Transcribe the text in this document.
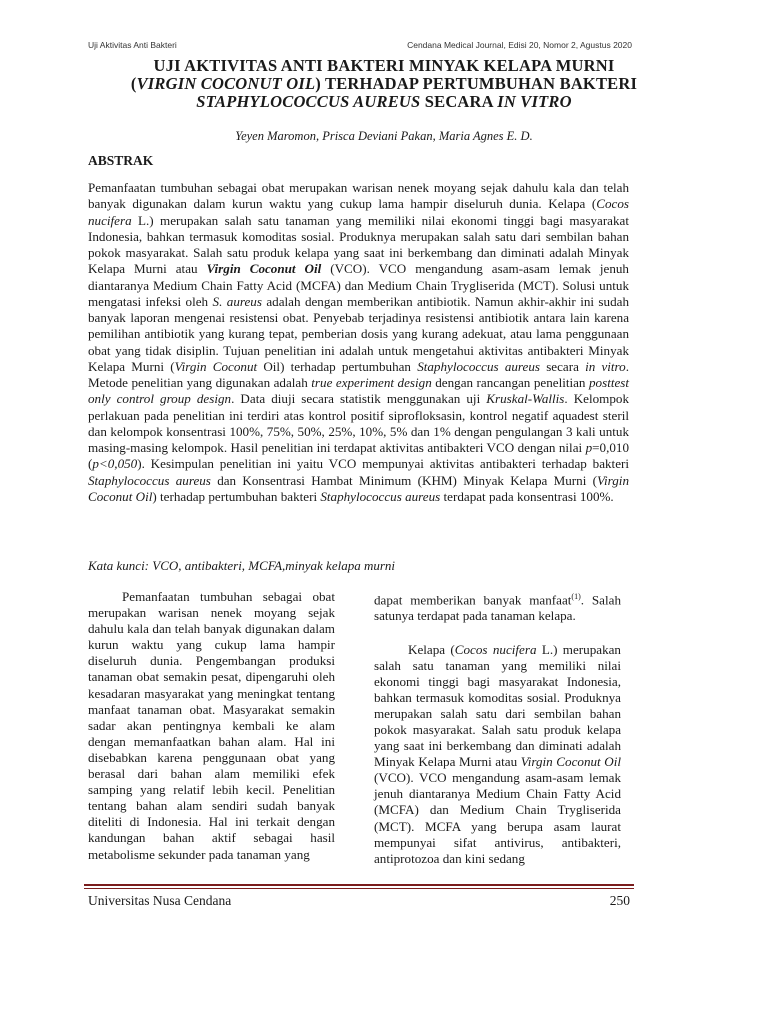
Uji Aktivitas Anti Bakteri	Cendana Medical Journal, Edisi 20, Nomor 2, Agustus 2020
UJI AKTIVITAS ANTI BAKTERI MINYAK KELAPA MURNI
(VIRGIN COCONUT OIL) TERHADAP PERTUMBUHAN BAKTERI
STAPHYLOCOCCUS AUREUS SECARA IN VITRO
Yeyen Maromon, Prisca Deviani Pakan, Maria Agnes E. D.
ABSTRAK
Pemanfaatan tumbuhan sebagai obat merupakan warisan nenek moyang sejak dahulu kala dan telah banyak digunakan dalam kurun waktu yang cukup lama hampir diseluruh dunia. Kelapa (Cocos nucifera L.) merupakan salah satu tanaman yang memiliki nilai ekonomi tinggi bagi masyarakat Indonesia, bahkan termasuk komoditas sosial. Produknya merupakan salah satu dari sembilan bahan pokok masyarakat. Salah satu produk kelapa yang saat ini berkembang dan diminati adalah Minyak Kelapa Murni atau Virgin Coconut Oil (VCO). VCO mengandung asam-asam lemak jenuh diantaranya Medium Chain Fatty Acid (MCFA) dan Medium Chain Trygliserida (MCT). Solusi untuk mengatasi infeksi oleh S. aureus adalah dengan memberikan antibiotik. Namun akhir-akhir ini sudah banyak laporan mengenai resistensi obat. Penyebab terjadinya resistensi antibiotik antara lain karena pemilihan antibiotik yang kurang tepat, pemberian dosis yang kurang adekuat, atau lama penggunaan obat yang tidak disiplin. Tujuan penelitian ini adalah untuk mengetahui aktivitas antibakteri Minyak Kelapa Murni (Virgin Coconut Oil) terhadap pertumbuhan Staphylococcus aureus secara in vitro. Metode penelitian yang digunakan adalah true experiment design dengan rancangan penelitian posttest only control group design. Data diuji secara statistik menggunakan uji Kruskal-Wallis. Kelompok perlakuan pada penelitian ini terdiri atas kontrol positif siprofloksasin, kontrol negatif aquadest steril dan kelompok konsentrasi 100%, 75%, 50%, 25%, 10%, 5% dan 1% dengan pengulangan 3 kali untuk masing-masing kelompok. Hasil penelitian ini terdapat aktivitas antibakteri VCO dengan nilai p=0,010 (p<0,050). Kesimpulan penelitian ini yaitu VCO mempunyai aktivitas antibakteri terhadap bakteri Staphylococcus aureus dan Konsentrasi Hambat Minimum (KHM) Minyak Kelapa Murni (Virgin Coconut Oil) terhadap pertumbuhan bakteri Staphylococcus aureus terdapat pada konsentrasi 100%.
Kata kunci: VCO, antibakteri, MCFA,minyak kelapa murni

Pemanfaatan tumbuhan sebagai obat merupakan warisan nenek moyang sejak dahulu kala dan telah banyak digunakan dalam kurun waktu yang cukup lama hampir diseluruh dunia. Pengembangan produksi tanaman obat semakin pesat, dipengaruhi oleh kesadaran masyarakat yang meningkat tentang manfaat tanaman obat. Masyarakat semakin sadar akan pentingnya kembali ke alam dengan memanfaatkan bahan alam. Hal ini disebabkan karena penggunaan obat yang berasal dari bahan alam memiliki efek samping yang relatif lebih kecil. Penelitian tentang bahan alam sendiri sudah banyak diteliti di Indonesia. Hal ini terkait dengan kandungan bahan aktif sebagai hasil metabolisme sekunder pada tanaman yang

dapat memberikan banyak manfaat$^{(1)}$. Salah satunya terdapat pada tanaman kelapa.

Kelapa (Cocos nucifera L.) merupakan salah satu tanaman yang memiliki nilai ekonomi tinggi bagi masyarakat Indonesia, bahkan termasuk komoditas sosial. Produknya merupakan salah satu dari sembilan bahan pokok masyarakat. Salah satu produk kelapa yang saat ini berkembang dan diminati adalah Minyak Kelapa Murni atau Virgin Coconut Oil (VCO). VCO mengandung asam-asam lemak jenuh diantaranya Medium Chain Fatty Acid (MCFA) dan Medium Chain Trygliserida (MCT). MCFA yang berupa asam laurat mempunyai sifat antivirus, antibakteri, antiprotozoa dan kini sedang

Universitas Nusa Cendana	250
